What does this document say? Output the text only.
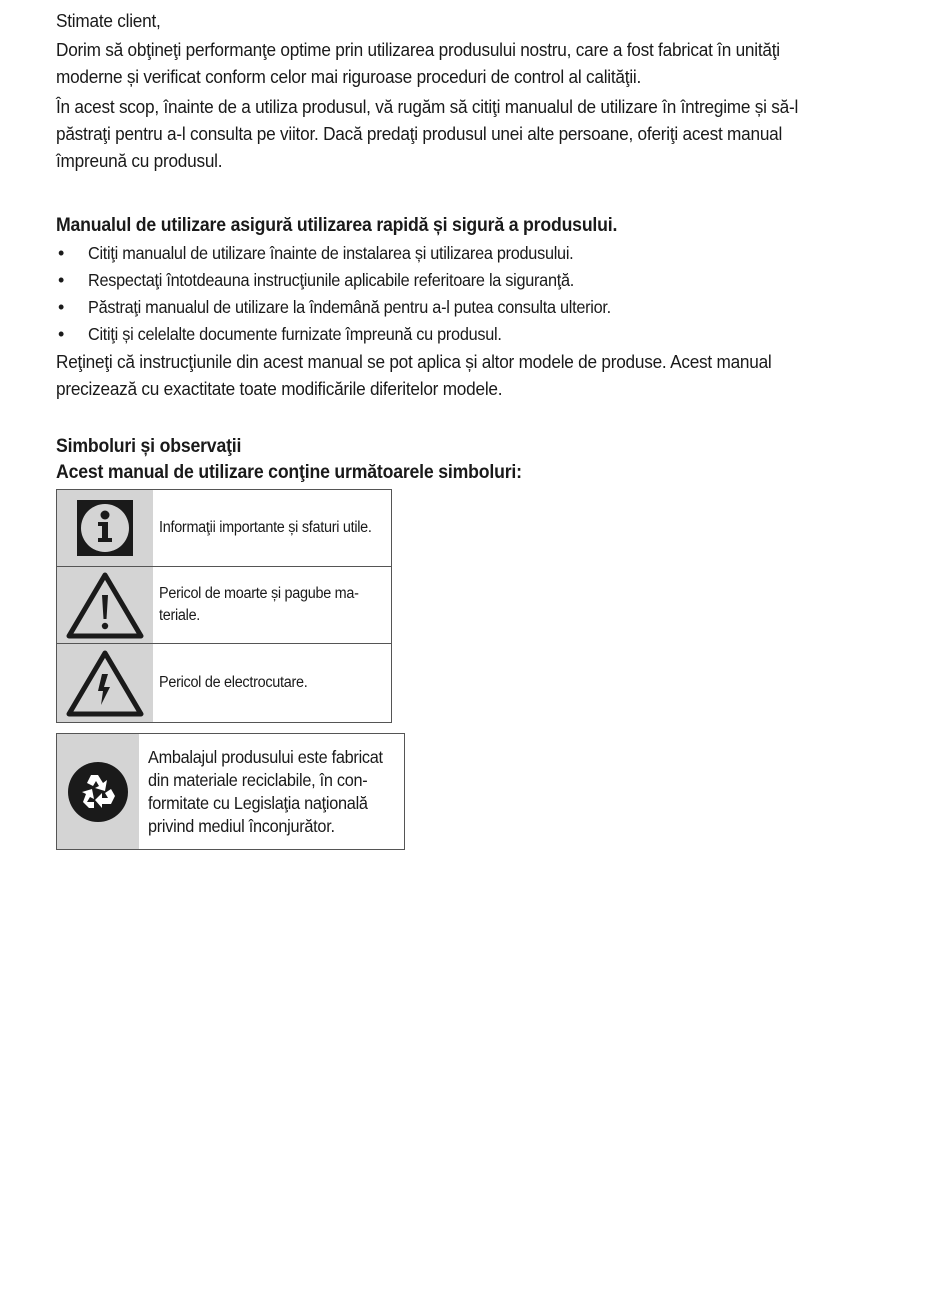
Stimate client,

Dorim să obţineţi performanţe optime prin utilizarea produsului nostru, care a fost fabricat în unităţi
moderne și verificat conform celor mai riguroase proceduri de control al calităţii.
În acest scop, înainte de a utiliza produsul, vă rugăm să citiţi manualul de utilizare în întregime și să-l
păstraţi pentru a-l consulta pe viitor. Dacă predaţi produsul unei alte persoane, oferiţi acest manual
împreună cu produsul.
Manualul de utilizare asigură utilizarea rapidă și sigură a produsului.
• Citiţi manualul de utilizare înainte de instalarea și utilizarea produsului.
• Respectaţi întotdeauna instrucţiunile aplicabile referitoare la siguranţă.
• Păstraţi manualul de utilizare la îndemână pentru a-l putea consulta ulterior.
• Citiţi și celelalte documente furnizate împreună cu produsul.
Reţineţi că instrucţiunile din acest manual se pot aplica și altor modele de produse. Acest manual
precizează cu exactitate toate modificările diferitelor modele.
Simboluri și observaţii
Acest manual de utilizare conţine următoarele simboluri:
Informaţii importante și sfaturi utile.
Pericol de moarte și pagube ma-
teriale.
Pericol de electrocutare.
Ambalajul produsului este fabricat
din materiale reciclabile, în con-
formitate cu Legislaţia naţională
privind mediul înconjurător.
